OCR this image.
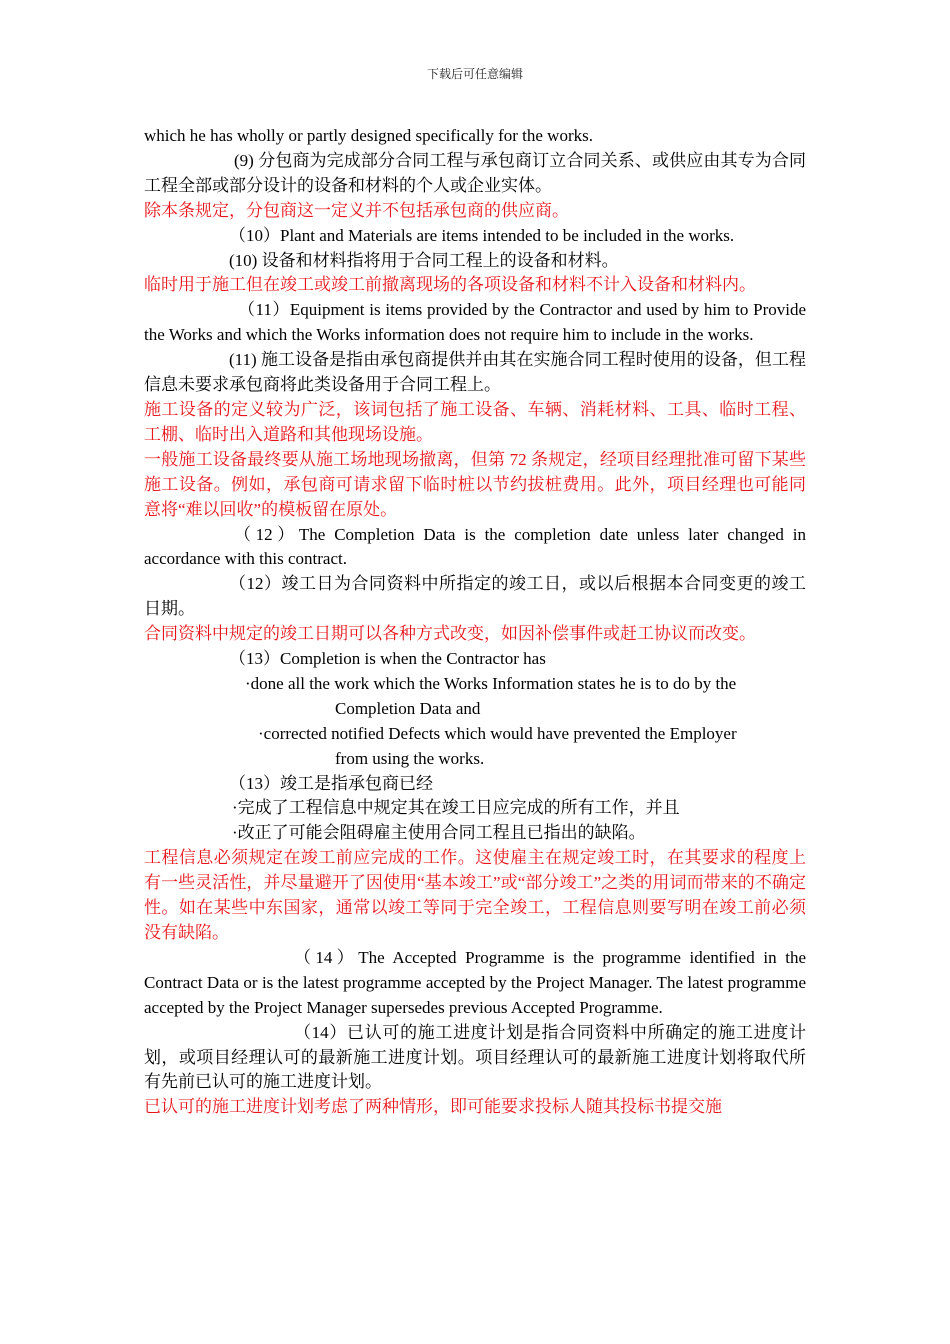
下载后可任意编辑

which he has wholly or partly designed specifically for the works.

(9) 分包商为完成部分合同工程与承包商订立合同关系、或供应由其专为合同工程全部或部分设计的设备和材料的个人或企业实体。

除本条规定，分包商这一定义并不包括承包商的供应商。

（10）Plant and Materials are items intended to be included in the works.

(10) 设备和材料指将用于合同工程上的设备和材料。

临时用于施工但在竣工或竣工前撤离现场的各项设备和材料不计入设备和材料内。

（11）Equipment is items provided by the Contractor and used by him to Provide the Works and which the Works information does not require him to include in the works.

(11) 施工设备是指由承包商提供并由其在实施合同工程时使用的设备，但工程信息未要求承包商将此类设备用于合同工程上。

施工设备的定义较为广泛，该词包括了施工设备、车辆、消耗材料、工具、临时工程、工棚、临时出入道路和其他现场设施。

一般施工设备最终要从施工场地现场撤离，但第 72 条规定，经项目经理批准可留下某些施工设备。例如，承包商可请求留下临时桩以节约拔桩费用。此外，项目经理也可能同意将“难以回收”的模板留在原处。

（12）The Completion Data is the completion date unless later changed in accordance with this contract.

（12）竣工日为合同资料中所指定的竣工日，或以后根据本合同变更的竣工日期。

合同资料中规定的竣工日期可以各种方式改变，如因补偿事件或赶工协议而改变。

（13）Completion is when the Contractor has

·done all the work which the Works Information states he is to do by the

Completion Data and

·corrected notified Defects which would have prevented the Employer

from using the works.

（13）竣工是指承包商已经

·完成了工程信息中规定其在竣工日应完成的所有工作，并且

·改正了可能会阻碍雇主使用合同工程且已指出的缺陷。

工程信息必须规定在竣工前应完成的工作。这使雇主在规定竣工时，在其要求的程度上有一些灵活性，并尽量避开了因使用“基本竣工”或“部分竣工”之类的用词而带来的不确定性。如在某些中东国家，通常以竣工等同于完全竣工，工程信息则要写明在竣工前必须没有缺陷。

（14）The Accepted Programme is the programme identified in the Contract Data or is the latest programme accepted by the Project Manager. The latest programme accepted by the Project Manager supersedes previous Accepted Programme.

（14）已认可的施工进度计划是指合同资料中所确定的施工进度计划，或项目经理认可的最新施工进度计划。项目经理认可的最新施工进度计划将取代所有先前已认可的施工进度计划。

已认可的施工进度计划考虑了两种情形，即可能要求投标人随其投标书提交施
